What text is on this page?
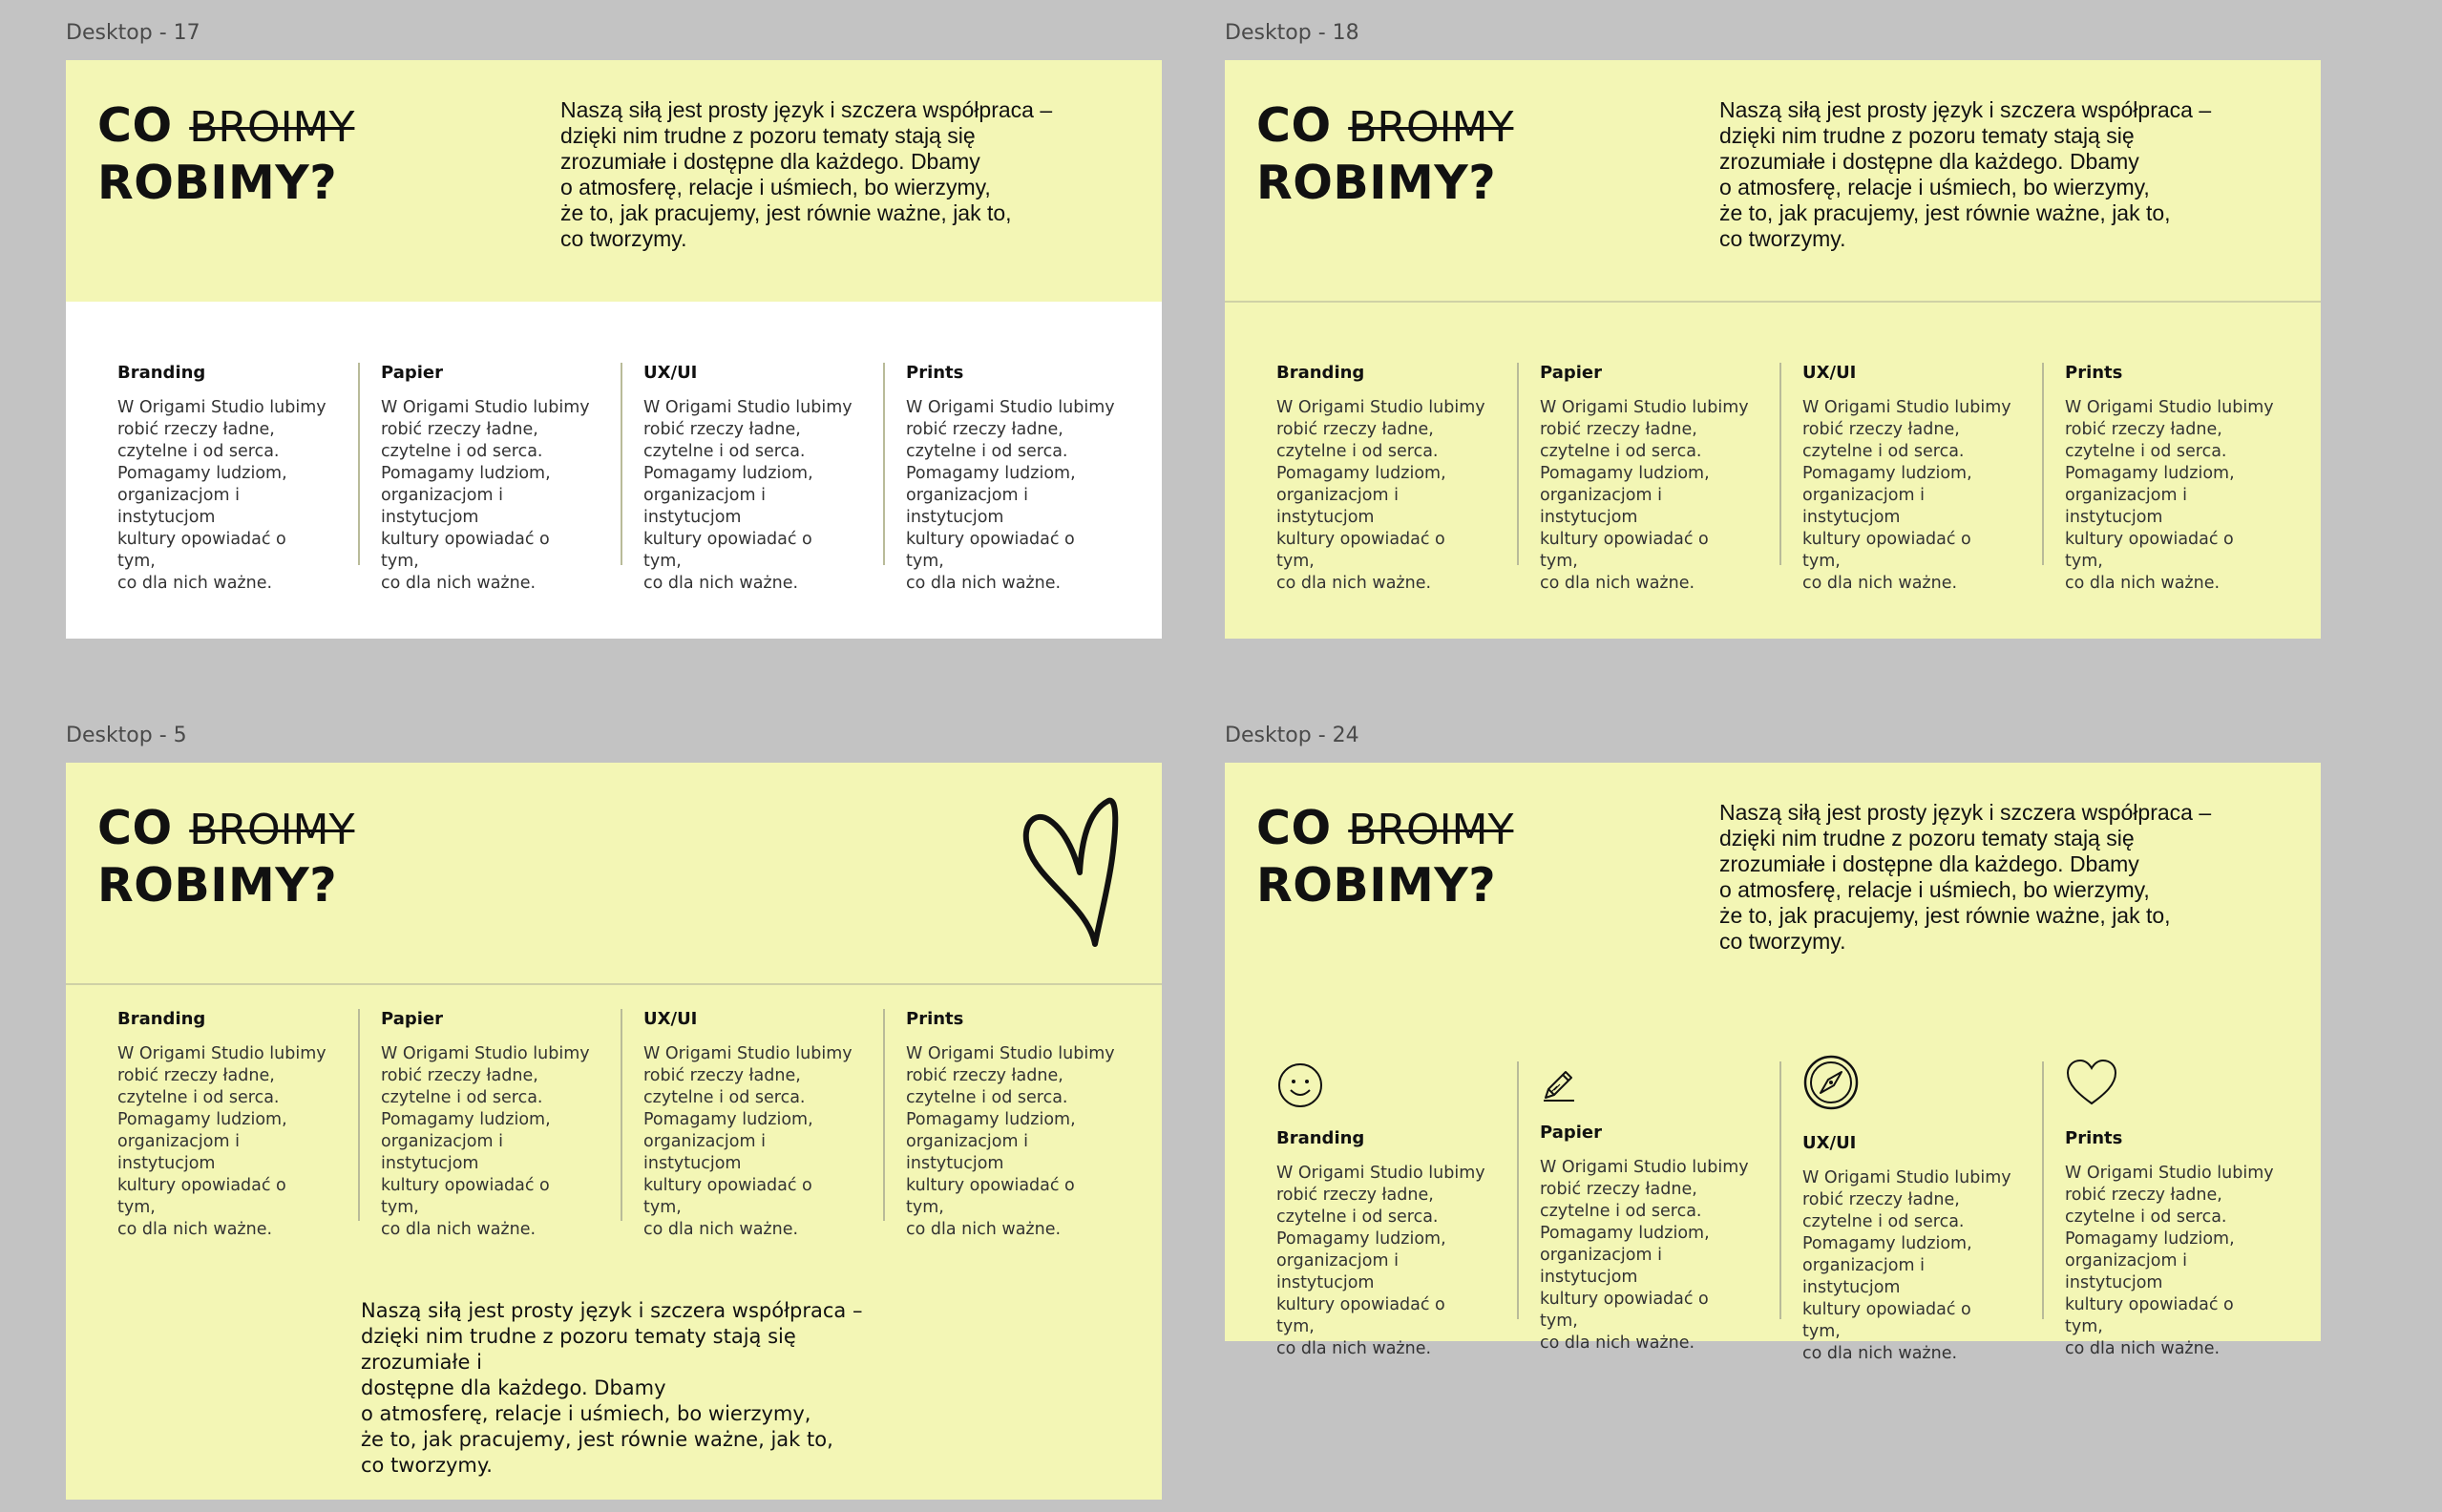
Desktop - 17	Desktop - 18
Desktop - 5	Desktop - 24
CO BROIMY
ROBIMY?
Naszą siłą jest prosty język i szczera współpraca –
dzięki nim trudne z pozoru tematy stają się
zrozumiałe i dostępne dla każdego. Dbamy
o atmosferę, relacje i uśmiech, bo wierzymy,
że to, jak pracujemy, jest równie ważne, jak to,
co tworzymy.
Branding
W Origami Studio lubimy
robić rzeczy ładne,
czytelne i od serca.
Pomagamy ludziom,
organizacjom i instytucjom
kultury opowiadać o tym,
co dla nich ważne.
Papier
W Origami Studio lubimy
robić rzeczy ładne,
czytelne i od serca.
Pomagamy ludziom,
organizacjom i instytucjom
kultury opowiadać o tym,
co dla nich ważne.
UX/UI
W Origami Studio lubimy
robić rzeczy ładne,
czytelne i od serca.
Pomagamy ludziom,
organizacjom i instytucjom
kultury opowiadać o tym,
co dla nich ważne.
Prints
W Origami Studio lubimy
robić rzeczy ładne,
czytelne i od serca.
Pomagamy ludziom,
organizacjom i instytucjom
kultury opowiadać o tym,
co dla nich ważne.
CO BROIMY
ROBIMY?
Naszą siłą jest prosty język i szczera współpraca –
dzięki nim trudne z pozoru tematy stają się
zrozumiałe i dostępne dla każdego. Dbamy
o atmosferę, relacje i uśmiech, bo wierzymy,
że to, jak pracujemy, jest równie ważne, jak to,
co tworzymy.
Branding
W Origami Studio lubimy
robić rzeczy ładne,
czytelne i od serca.
Pomagamy ludziom,
organizacjom i instytucjom
kultury opowiadać o tym,
co dla nich ważne.
Papier
W Origami Studio lubimy
robić rzeczy ładne,
czytelne i od serca.
Pomagamy ludziom,
organizacjom i instytucjom
kultury opowiadać o tym,
co dla nich ważne.
UX/UI
W Origami Studio lubimy
robić rzeczy ładne,
czytelne i od serca.
Pomagamy ludziom,
organizacjom i instytucjom
kultury opowiadać o tym,
co dla nich ważne.
Prints
W Origami Studio lubimy
robić rzeczy ładne,
czytelne i od serca.
Pomagamy ludziom,
organizacjom i instytucjom
kultury opowiadać o tym,
co dla nich ważne.
CO BROIMY
ROBIMY?
Branding
W Origami Studio lubimy
robić rzeczy ładne,
czytelne i od serca.
Pomagamy ludziom,
organizacjom i instytucjom
kultury opowiadać o tym,
co dla nich ważne.
Papier
W Origami Studio lubimy
robić rzeczy ładne,
czytelne i od serca.
Pomagamy ludziom,
organizacjom i instytucjom
kultury opowiadać o tym,
co dla nich ważne.
UX/UI
W Origami Studio lubimy
robić rzeczy ładne,
czytelne i od serca.
Pomagamy ludziom,
organizacjom i instytucjom
kultury opowiadać o tym,
co dla nich ważne.
Prints
W Origami Studio lubimy
robić rzeczy ładne,
czytelne i od serca.
Pomagamy ludziom,
organizacjom i instytucjom
kultury opowiadać o tym,
co dla nich ważne.
Naszą siłą jest prosty język i szczera współpraca –
dzięki nim trudne z pozoru tematy stają się zrozumiałe i
dostępne dla każdego. Dbamy
o atmosferę, relacje i uśmiech, bo wierzymy,
że to, jak pracujemy, jest równie ważne, jak to,
co tworzymy.
CO BROIMY
ROBIMY?
Naszą siłą jest prosty język i szczera współpraca –
dzięki nim trudne z pozoru tematy stają się
zrozumiałe i dostępne dla każdego. Dbamy
o atmosferę, relacje i uśmiech, bo wierzymy,
że to, jak pracujemy, jest równie ważne, jak to,
co tworzymy.
Branding
W Origami Studio lubimy
robić rzeczy ładne,
czytelne i od serca.
Pomagamy ludziom,
organizacjom i instytucjom
kultury opowiadać o tym,
co dla nich ważne.
Papier
W Origami Studio lubimy
robić rzeczy ładne,
czytelne i od serca.
Pomagamy ludziom,
organizacjom i instytucjom
kultury opowiadać o tym,
co dla nich ważne.
UX/UI
W Origami Studio lubimy
robić rzeczy ładne,
czytelne i od serca.
Pomagamy ludziom,
organizacjom i instytucjom
kultury opowiadać o tym,
co dla nich ważne.
Prints
W Origami Studio lubimy
robić rzeczy ładne,
czytelne i od serca.
Pomagamy ludziom,
organizacjom i instytucjom
kultury opowiadać o tym,
co dla nich ważne.
